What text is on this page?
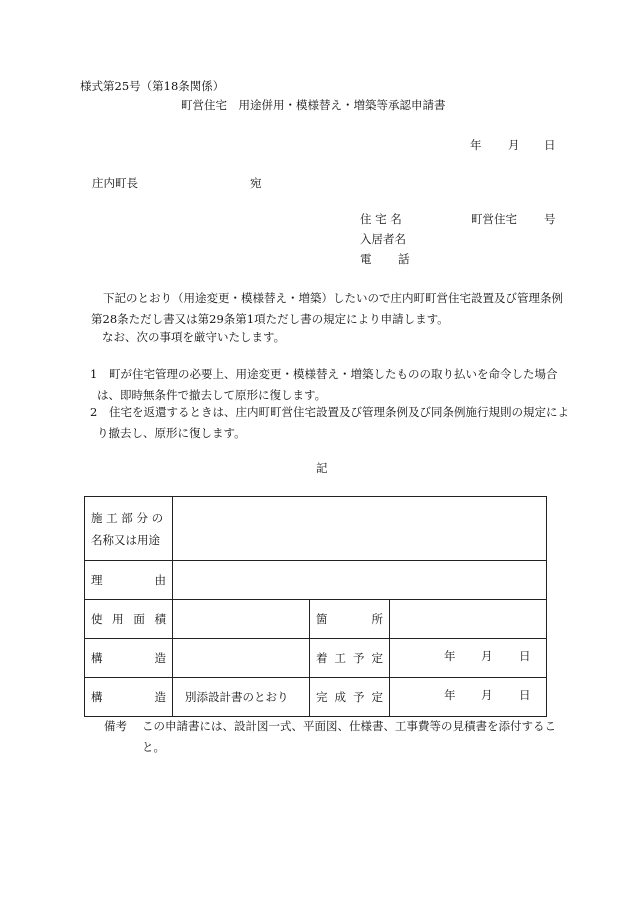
様式第25号（第18条関係）
町営住宅　用途併用・模様替え・増築等承認申請書
年 月 日
庄内町長	宛
住 宅 名	町営住宅 号
入居者名
電 話
下記のとおり（用途変更・模様替え・増築）したいので庄内町町営住宅設置及び管理条例第28条ただし書又は第29条第1項ただし書の規定により申請します。
なお、次の事項を厳守いたします。
1	町が住宅管理の必要上、用途変更・模様替え・増築したものの取り払いを命令した場合は、即時無条件で撤去して原形に復します。
2	住宅を返還するときは、庄内町町営住宅設置及び管理条例及び同条例施行規則の規定により撤去し、原形に復します。
記
施 工 部 分 の
名称又は用途			

理 由			

使 用 面 積		箇 所	

構 造		着 工 予 定	年 月 日

構 造	別添設計書のとおり	完 成 予 定	年 月 日
備考 この申請書には、設計図一式、平面図、仕様書、工事費等の見積書を添付すること。
